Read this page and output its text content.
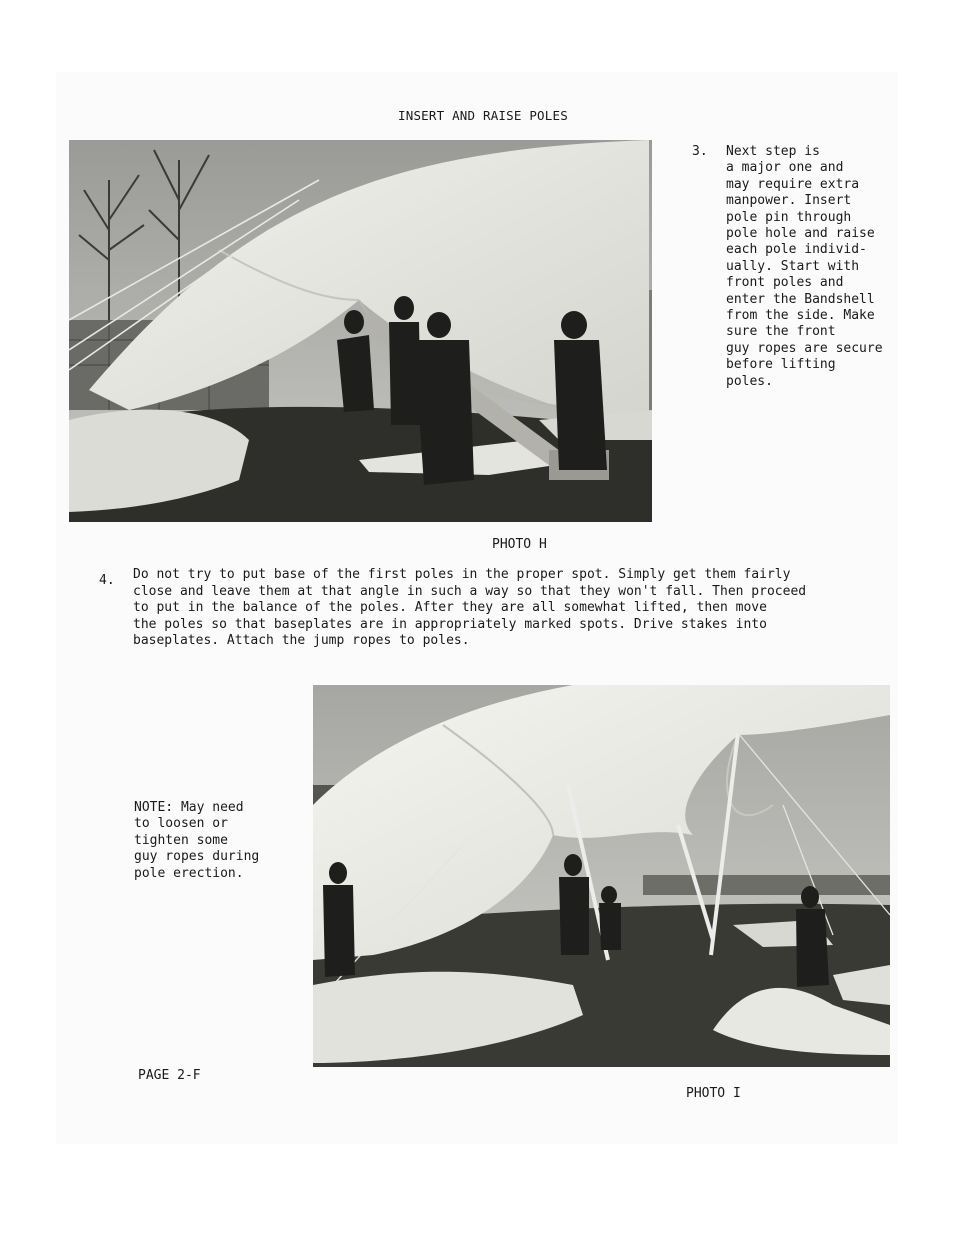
INSERT AND RAISE POLES
3. Next step is
a major one and
may require extra
manpower. Insert
pole pin through
pole hole and raise
each pole individ-
ually. Start with
front poles and
enter the Bandshell
from the side. Make
sure the front
guy ropes are secure
before lifting
poles.
PHOTO H
4. Do not try to put base of the first poles in the proper spot. Simply get them fairly
close and leave them at that angle in such a way so that they won't fall. Then proceed
to put in the balance of the poles. After they are all somewhat lifted, then move
the poles so that baseplates are in appropriately marked spots. Drive stakes into
baseplates. Attach the jump ropes to poles.
NOTE: May need
to loosen or
tighten some
guy ropes during
pole erection.
PAGE 2-F
PHOTO I
